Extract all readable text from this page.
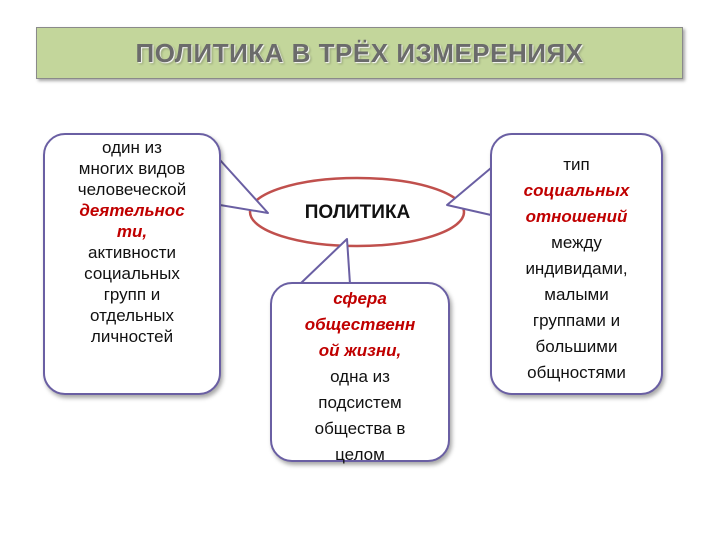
ПОЛИТИКА В ТРЁХ ИЗМЕРЕНИЯХ
один из
многих видов
человеческой
деятельнос
ти,
активности
социальных
групп и
отдельных
личностей
сфера
общественн
ой жизни,
одна из
подсистем
общества в
целом
тип
социальных
отношений
между
индивидами,
малыми
группами и
большими
общностями
ПОЛИТИКА
